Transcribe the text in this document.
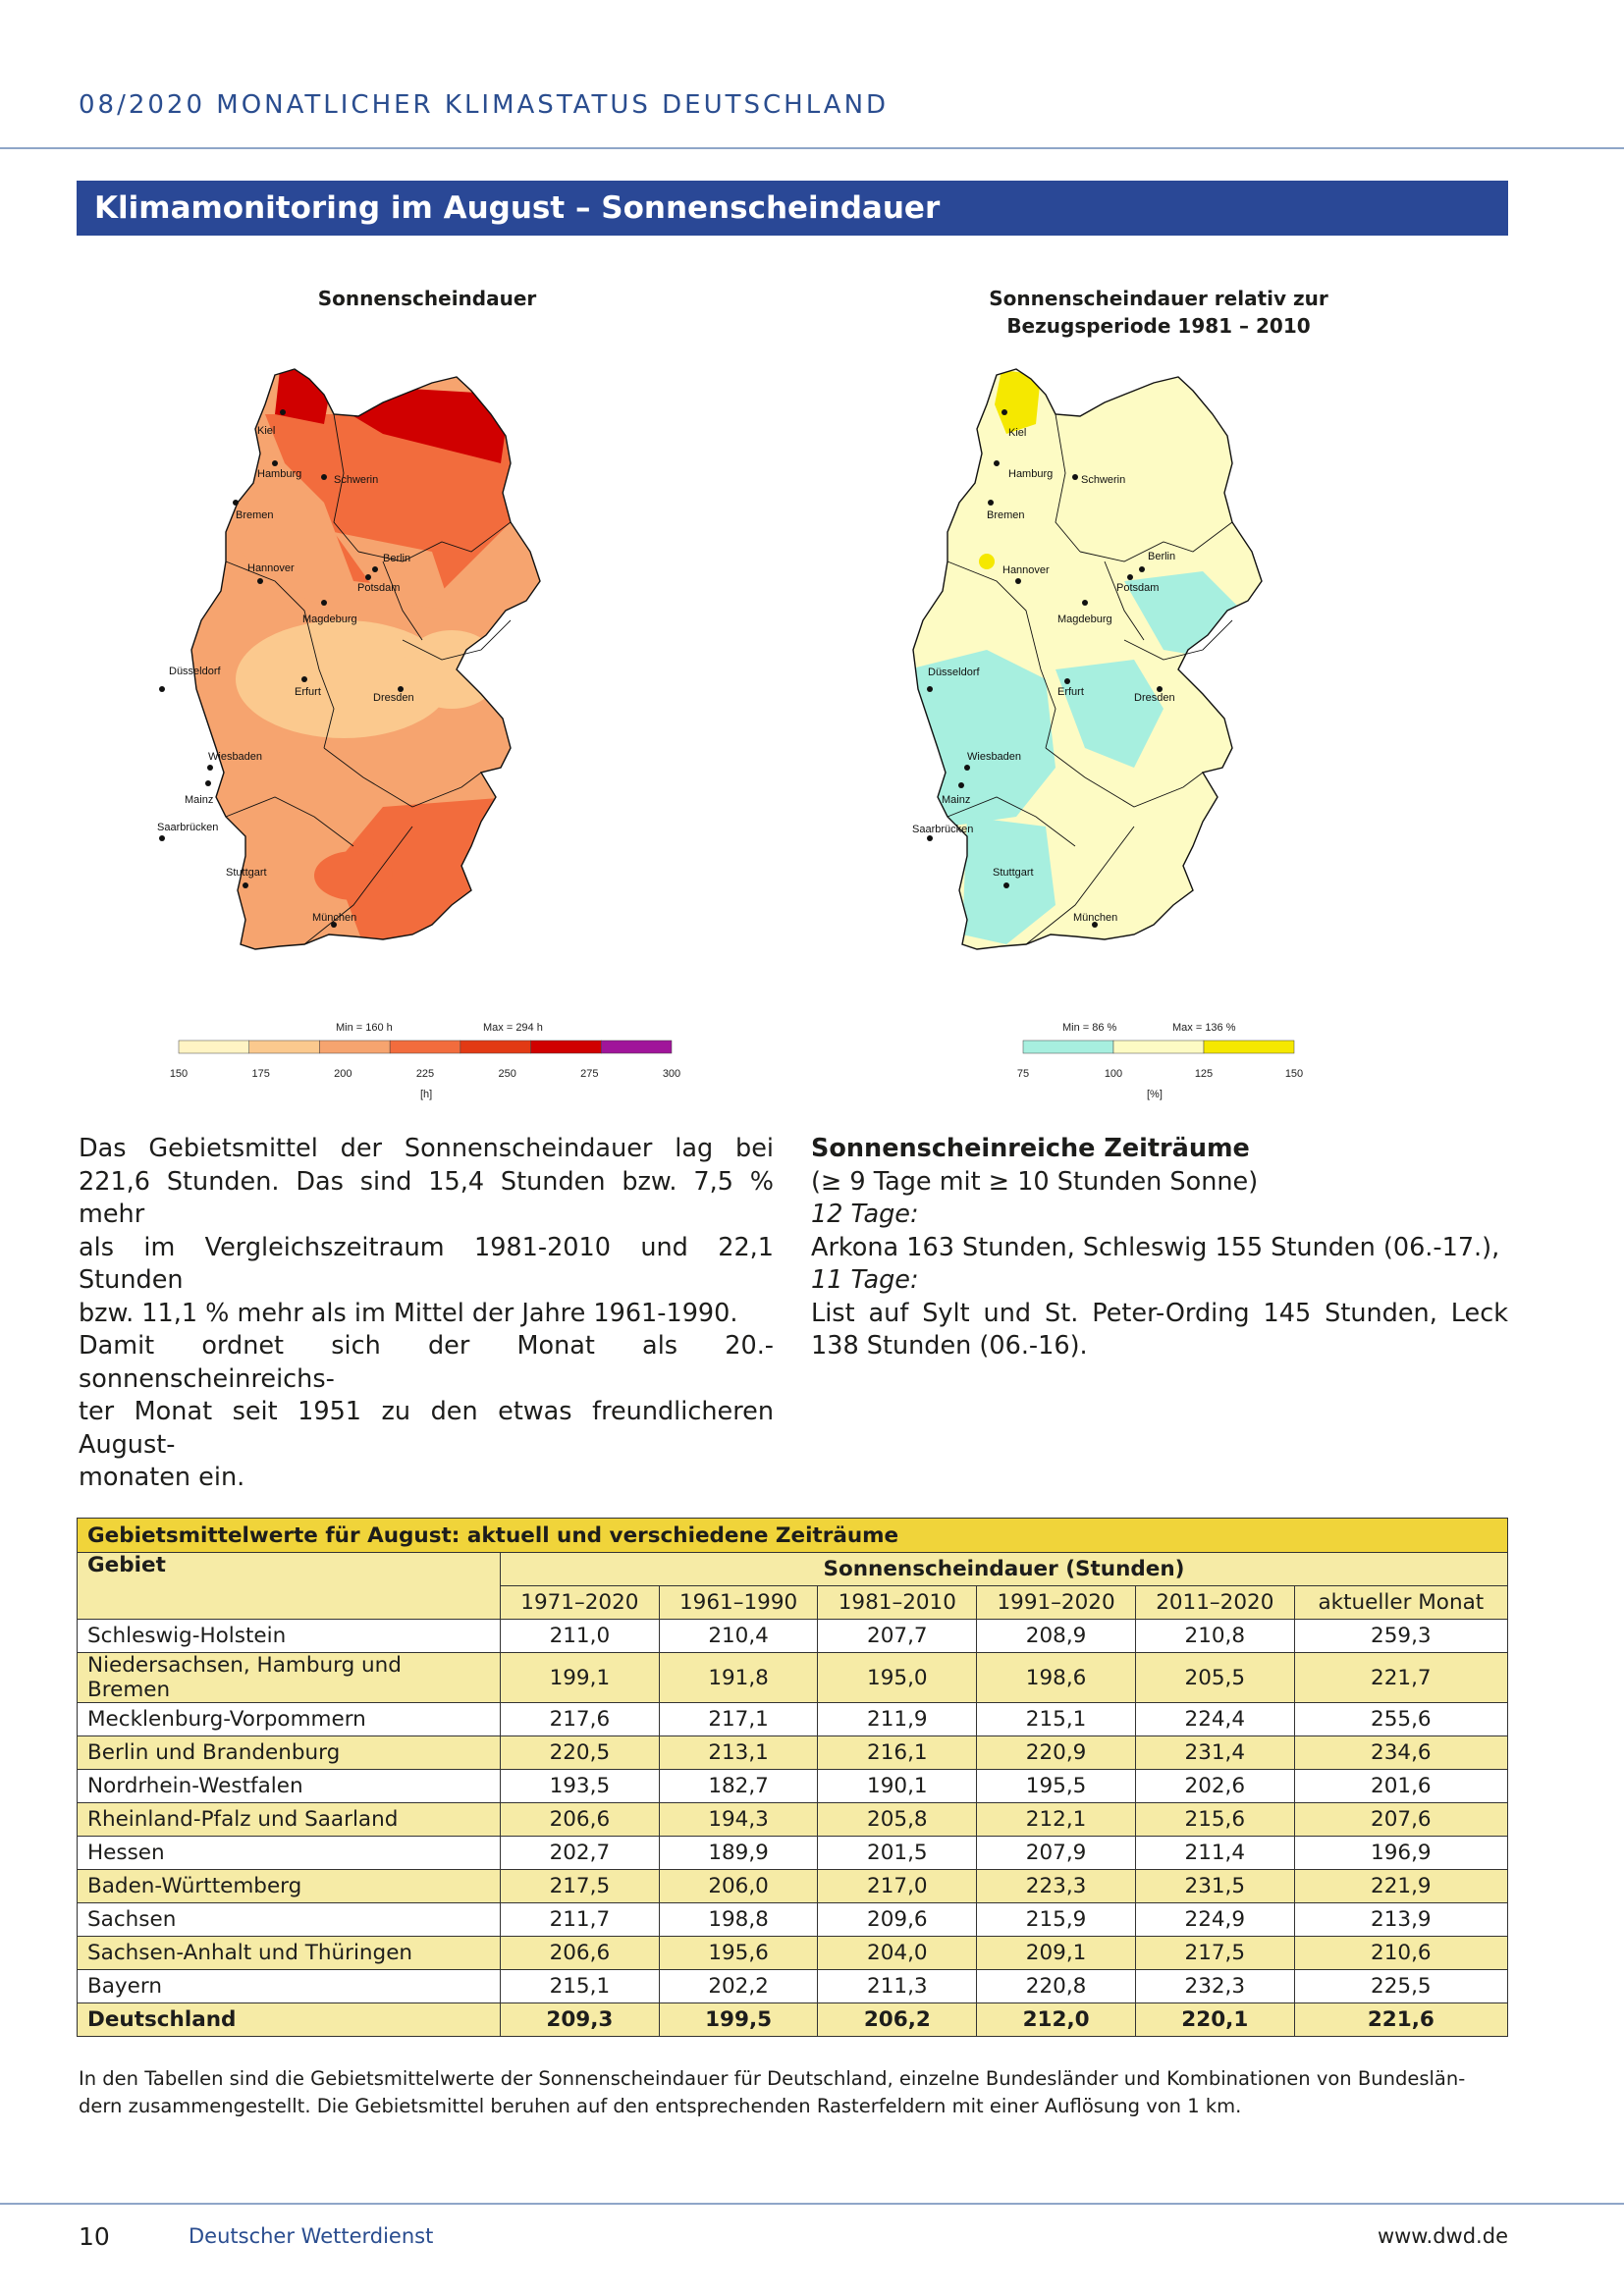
08/2020 MONATLICHER KLIMASTATUS DEUTSCHLAND
Klimamonitoring im August – Sonnenscheindauer
Sonnenscheindauer
Kiel
Hamburg	Schwerin
Bremen
Berlin
Hannover
Potsdam
Magdeburg
Düsseldorf
Erfurt	Dresden
Wiesbaden
Mainz
Saarbrücken
Stuttgart
München
Sonnenscheindauer relativ zur
Bezugsperiode 1981 – 2010
Kiel
Hamburg	Schwerin
Bremen
Berlin
Hannover
Potsdam
Magdeburg
Düsseldorf
Erfurt	Dresden
Wiesbaden
Mainz
Saarbrücken
Stuttgart
München
Min = 160 h	Max = 294 h
150	175	200	225	250	275	300
[h]
Min = 86 %	Max = 136 %
75	100	125	150
[%]
Das Gebietsmittel der Sonnenscheindauer lag bei
221,6 Stunden. Das sind 15,4 Stunden bzw. 7,5 % mehr
als im Vergleichszeitraum 1981-2010 und 22,1 Stunden
bzw. 11,1 % mehr als im Mittel der Jahre 1961-1990.
Damit ordnet sich der Monat als 20.-sonnenscheinreichs-
ter Monat seit 1951 zu den etwas freundlicheren August-
monaten ein.
Sonnenscheinreiche Zeiträume
(≥ 9 Tage mit ≥ 10 Stunden Sonne)
12 Tage:
Arkona 163 Stunden, Schleswig 155 Stunden (06.-17.),
11 Tage:
List auf Sylt und St. Peter-Ording 145 Stunden, Leck
138 Stunden (06.-16).
Gebietsmittelwerte für August: aktuell und verschiedene Zeiträume						
Gebiet	Sonnenscheindauer (Stunden)					
	1971–2020	1961–1990	1981–2010	1991–2020	2011–2020	aktueller Monat
Schleswig-Holstein	211,0	210,4	207,7	208,9	210,8	259,3
Niedersachsen, Hamburg und Bremen	199,1	191,8	195,0	198,6	205,5	221,7
Mecklenburg-Vorpommern	217,6	217,1	211,9	215,1	224,4	255,6
Berlin und Brandenburg	220,5	213,1	216,1	220,9	231,4	234,6
Nordrhein-Westfalen	193,5	182,7	190,1	195,5	202,6	201,6
Rheinland-Pfalz und Saarland	206,6	194,3	205,8	212,1	215,6	207,6
Hessen	202,7	189,9	201,5	207,9	211,4	196,9
Baden-Württemberg	217,5	206,0	217,0	223,3	231,5	221,9
Sachsen	211,7	198,8	209,6	215,9	224,9	213,9
Sachsen-Anhalt und Thüringen	206,6	195,6	204,0	209,1	217,5	210,6
Bayern	215,1	202,2	211,3	220,8	232,3	225,5
Deutschland	209,3	199,5	206,2	212,0	220,1	221,6
In den Tabellen sind die Gebietsmittelwerte der Sonnenscheindauer für Deutschland, einzelne Bundesländer und Kombinationen von Bundeslän-
dern zusammengestellt. Die Gebietsmittel beruhen auf den entsprechenden Rasterfeldern mit einer Auflösung von 1 km.
10	Deutscher Wetterdienst	www.dwd.de
